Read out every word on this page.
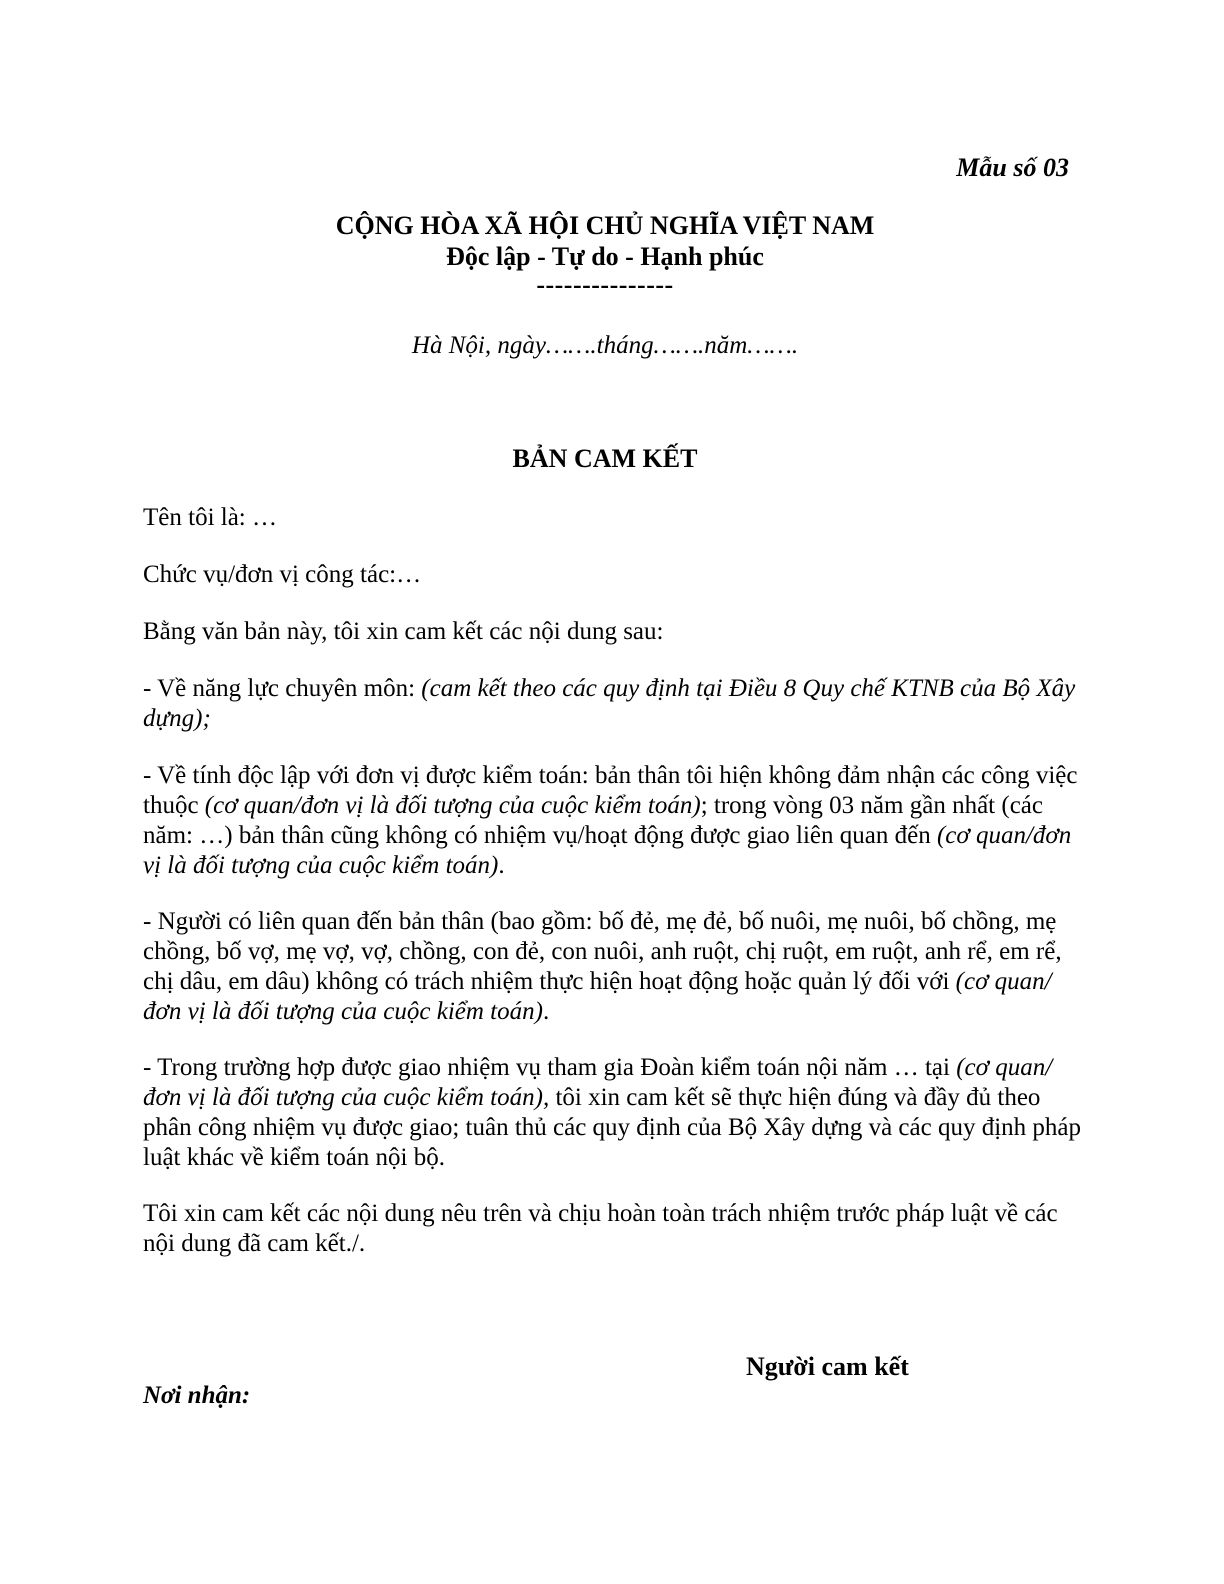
Mẫu số 03
CỘNG HÒA XÃ HỘI CHỦ NGHĨA VIỆT NAM
Độc lập - Tự do - Hạnh phúc
---------------
Hà Nội, ngày…….tháng…….năm…….
BẢN CAM KẾT

Tên tôi là: …

Chức vụ/đơn vị công tác:…

Bằng văn bản này, tôi xin cam kết các nội dung sau:

- Về năng lực chuyên môn: (cam kết theo các quy định tại Điều 8 Quy chế KTNB của Bộ Xây dựng);

- Về tính độc lập với đơn vị được kiểm toán: bản thân tôi hiện không đảm nhận các công việc thuộc (cơ quan/đơn vị là đối tượng của cuộc kiểm toán); trong vòng 03 năm gần nhất (các năm: …) bản thân cũng không có nhiệm vụ/hoạt động được giao liên quan đến (cơ quan/đơn vị là đối tượng của cuộc kiểm toán).

- Người có liên quan đến bản thân (bao gồm: bố đẻ, mẹ đẻ, bố nuôi, mẹ nuôi, bố chồng, mẹ chồng, bố vợ, mẹ vợ, vợ, chồng, con đẻ, con nuôi, anh ruột, chị ruột, em ruột, anh rể, em rể, chị dâu, em dâu) không có trách nhiệm thực hiện hoạt động hoặc quản lý đối với (cơ quan/đơn vị là đối tượng của cuộc kiểm toán).

- Trong trường hợp được giao nhiệm vụ tham gia Đoàn kiểm toán nội năm … tại (cơ quan/đơn vị là đối tượng của cuộc kiểm toán), tôi xin cam kết sẽ thực hiện đúng và đầy đủ theo phân công nhiệm vụ được giao; tuân thủ các quy định của Bộ Xây dựng và các quy định pháp luật khác về kiểm toán nội bộ.

Tôi xin cam kết các nội dung nêu trên và chịu hoàn toàn trách nhiệm trước pháp luật về các nội dung đã cam kết./.

Người cam kết
Nơi nhận:
